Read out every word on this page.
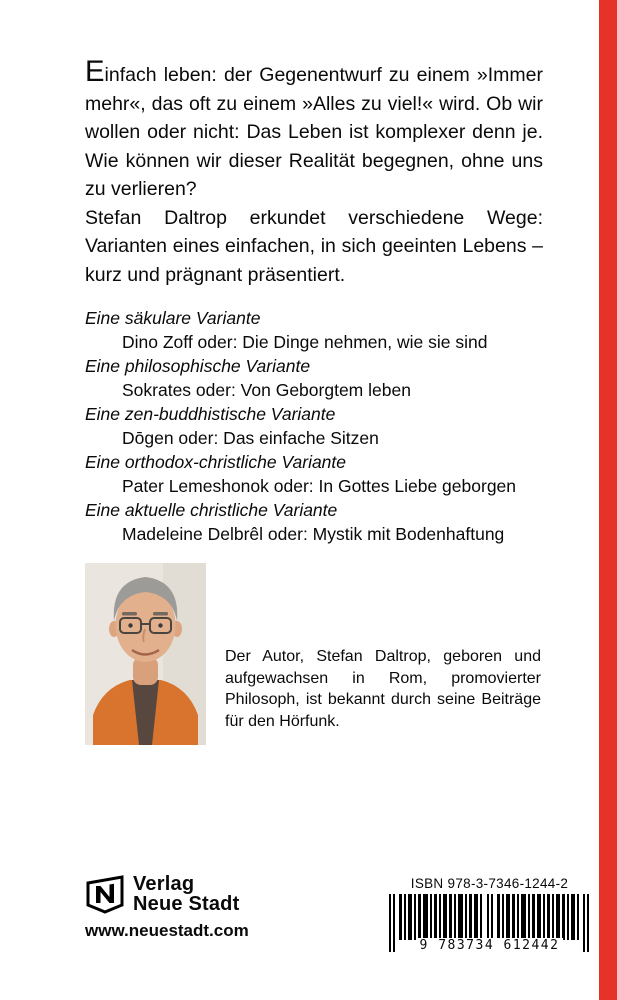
Einfach leben: der Gegenentwurf zu einem »Immer mehr«, das oft zu einem »Alles zu viel!« wird. Ob wir wollen oder nicht: Das Leben ist komplexer denn je. Wie können wir dieser Realität begegnen, ohne uns zu verlieren?

Stefan Daltrop erkundet verschiedene Wege: Varianten eines einfachen, in sich geeinten Lebens – kurz und prägnant präsentiert.

Eine säkulare Variante
Dino Zoff oder: Die Dinge nehmen, wie sie sind
Eine philosophische Variante
Sokrates oder: Von Geborgtem leben
Eine zen-buddhistische Variante
Dōgen oder: Das einfache Sitzen
Eine orthodox-christliche Variante
Pater Lemeshonok oder: In Gottes Liebe geborgen
Eine aktuelle christliche Variante
Madeleine Delbrêl oder: Mystik mit Bodenhaftung

Der Autor, Stefan Daltrop, geboren und aufgewachsen in Rom, promovierter Philosoph, ist bekannt durch seine Beiträge für den Hörfunk.

Verlag
Neue Stadt
www.neuestadt.com
ISBN 978-3-7346-1244-2
9 783734 612442
